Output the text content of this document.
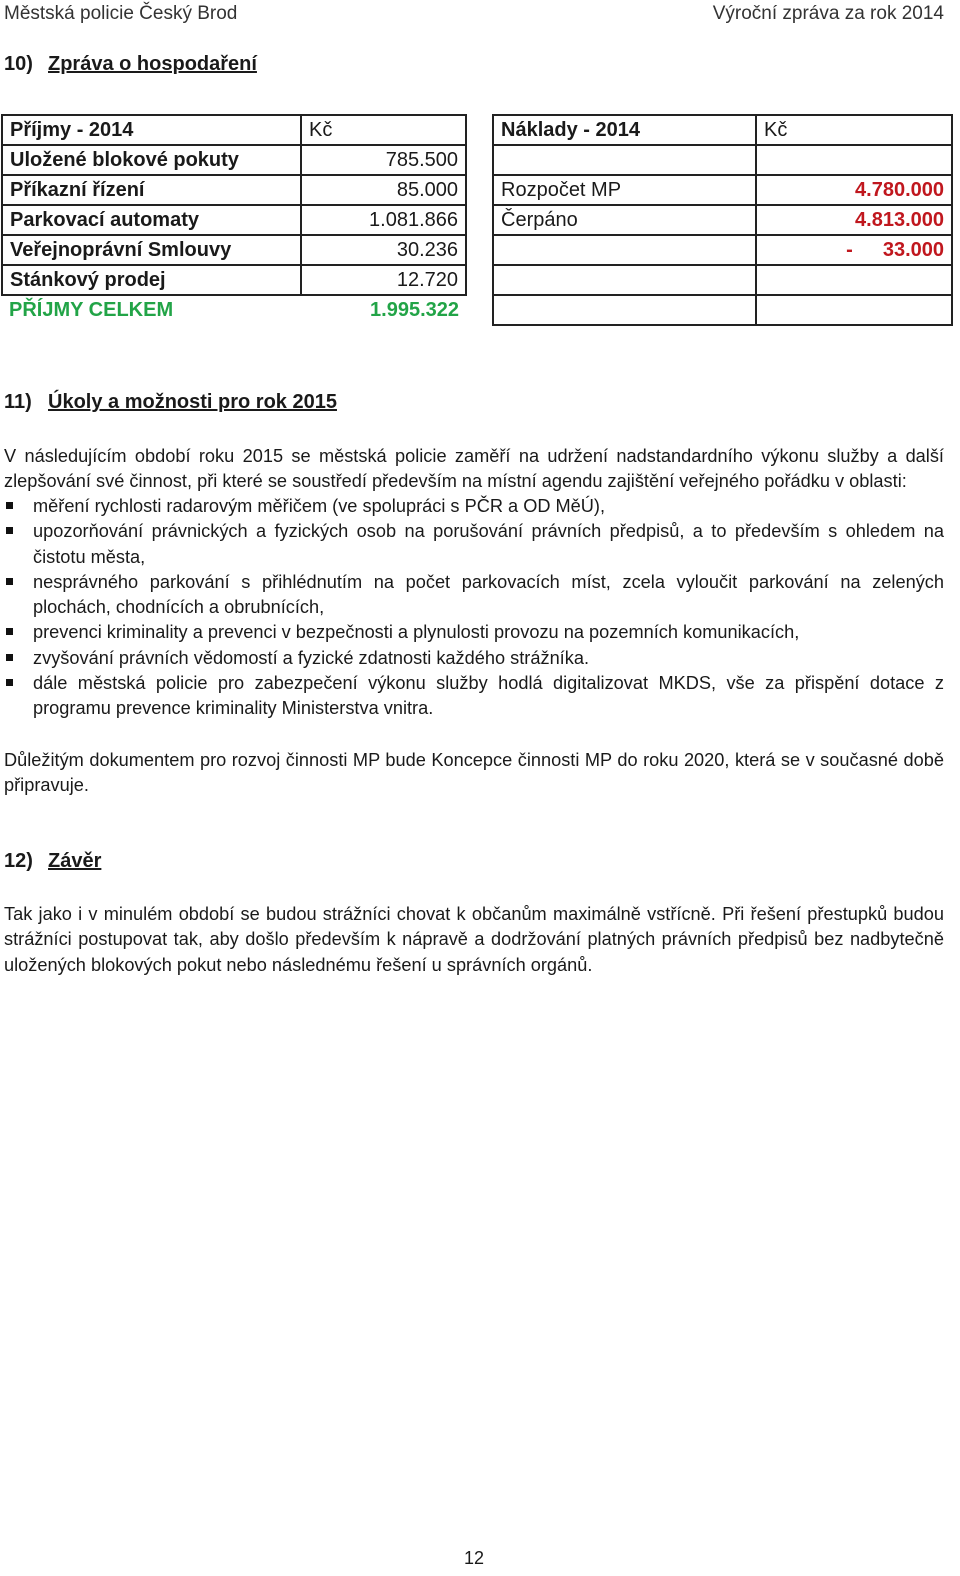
Městská policie Český Brod	Výroční zpráva za rok 2014
10) Zpráva o hospodaření
Příjmy - 2014	Kč
Uložené blokové pokuty	785.500
Příkazní řízení	85.000
Parkovací automaty	1.081.866
Veřejnoprávní Smlouvy	30.236
Stánkový prodej	12.720
PŘÍJMY CELKEM	1.995.322
Náklady - 2014	Kč

Rozpočet MP	4.780.000
Čerpáno	4.813.000
	- 33.000

11) Úkoly a možnosti pro rok 2015
V následujícím období roku 2015 se městská policie zaměří na udržení nadstandardního výkonu služby a další zlepšování své činnost, při které se soustředí především na místní agendu zajištění veřejného pořádku v oblasti:
měření rychlosti radarovým měřičem (ve spolupráci s PČR a OD MěÚ),
upozorňování právnických a fyzických osob na porušování právních předpisů, a to především s ohledem na čistotu města,
nesprávného parkování s přihlédnutím na počet parkovacích míst, zcela vyloučit parkování na zelených plochách, chodnících a obrubnících,
prevenci kriminality a prevenci v bezpečnosti a plynulosti provozu na pozemních komunikacích,
zvyšování právních vědomostí a fyzické zdatnosti každého strážníka.
dále městská policie pro zabezpečení výkonu služby hodlá digitalizovat MKDS, vše za přispění dotace z programu prevence kriminality Ministerstva vnitra.
Důležitým dokumentem pro rozvoj činnosti MP bude Koncepce činnosti MP do roku 2020, která se v současné době připravuje.
12) Závěr
Tak jako i v minulém období se budou strážníci chovat k občanům maximálně vstřícně. Při řešení přestupků budou strážníci postupovat tak, aby došlo především k nápravě a dodržování platných právních předpisů bez nadbytečně uložených blokových pokut nebo následnému řešení u správních orgánů.
12
